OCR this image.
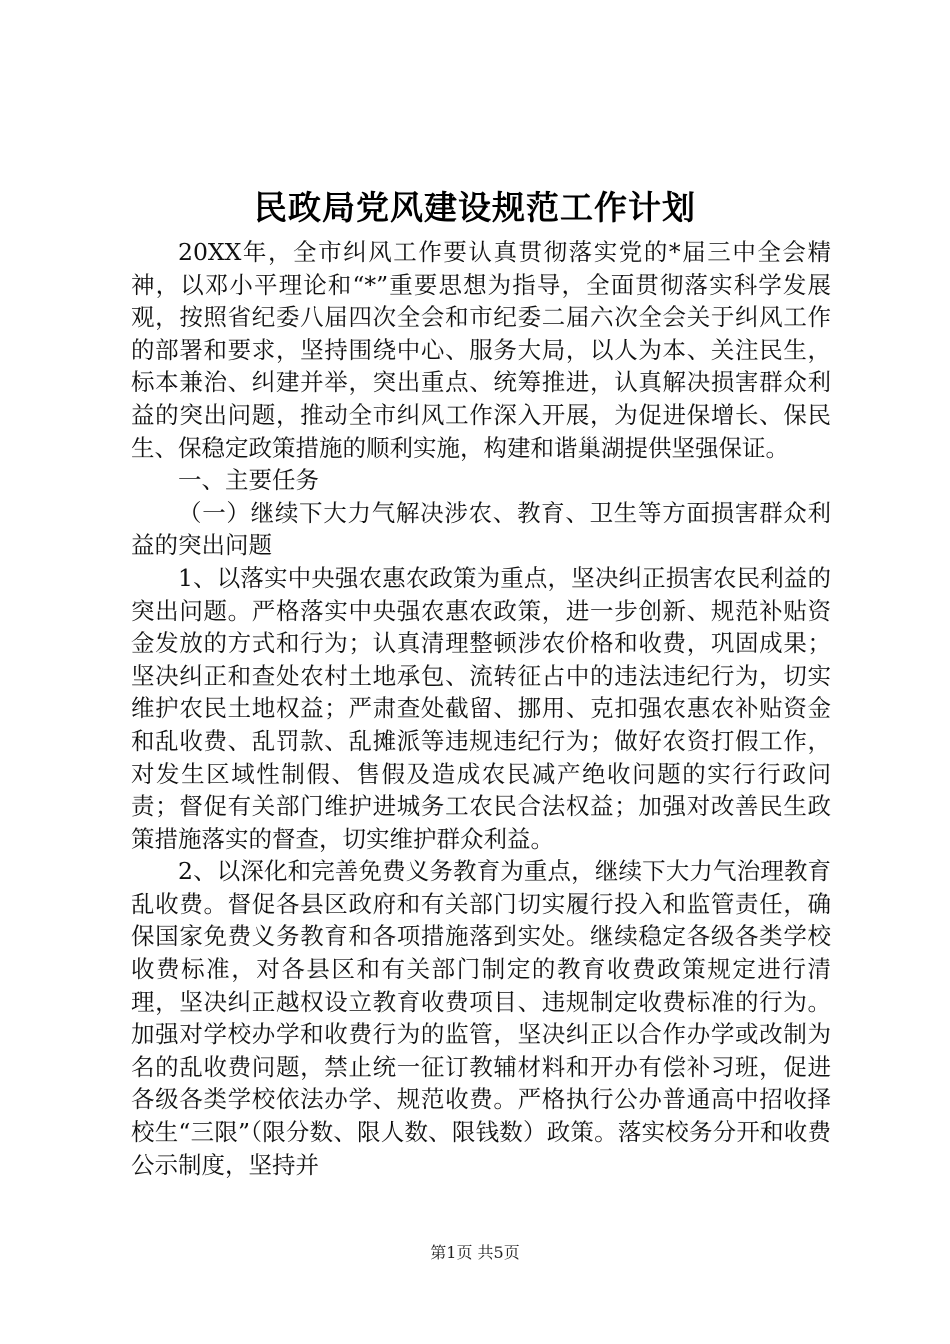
民政局党风建设规范工作计划

20XX年，全市纠风工作要认真贯彻落实党的*届三中全会精神，以邓小平理论和“*”重要思想为指导，全面贯彻落实科学发展观，按照省纪委八届四次全会和市纪委二届六次全会关于纠风工作的部署和要求，坚持围绕中心、服务大局，以人为本、关注民生，标本兼治、纠建并举，突出重点、统筹推进，认真解决损害群众利益的突出问题，推动全市纠风工作深入开展，为促进保增长、保民生、保稳定政策措施的顺利实施，构建和谐巢湖提供坚强保证。

一、主要任务

（一）继续下大力气解决涉农、教育、卫生等方面损害群众利益的突出问题

1、以落实中央强农惠农政策为重点，坚决纠正损害农民利益的突出问题。严格落实中央强农惠农政策，进一步创新、规范补贴资金发放的方式和行为；认真清理整顿涉农价格和收费，巩固成果；坚决纠正和查处农村土地承包、流转征占中的违法违纪行为，切实维护农民土地权益；严肃查处截留、挪用、克扣强农惠农补贴资金和乱收费、乱罚款、乱摊派等违规违纪行为；做好农资打假工作，对发生区域性制假、售假及造成农民减产绝收问题的实行行政问责；督促有关部门维护进城务工农民合法权益；加强对改善民生政策措施落实的督查，切实维护群众利益。

2、以深化和完善免费义务教育为重点，继续下大力气治理教育乱收费。督促各县区政府和有关部门切实履行投入和监管责任，确保国家免费义务教育和各项措施落到实处。继续稳定各级各类学校收费标准，对各县区和有关部门制定的教育收费政策规定进行清理，坚决纠正越权设立教育收费项目、违规制定收费标准的行为。加强对学校办学和收费行为的监管，坚决纠正以合作办学或改制为名的乱收费问题，禁止统一征订教辅材料和开办有偿补习班，促进各级各类学校依法办学、规范收费。严格执行公办普通高中招收择校生“三限”（限分数、限人数、限钱数）政策。落实校务分开和收费公示制度，坚持并

第1页 共5页
